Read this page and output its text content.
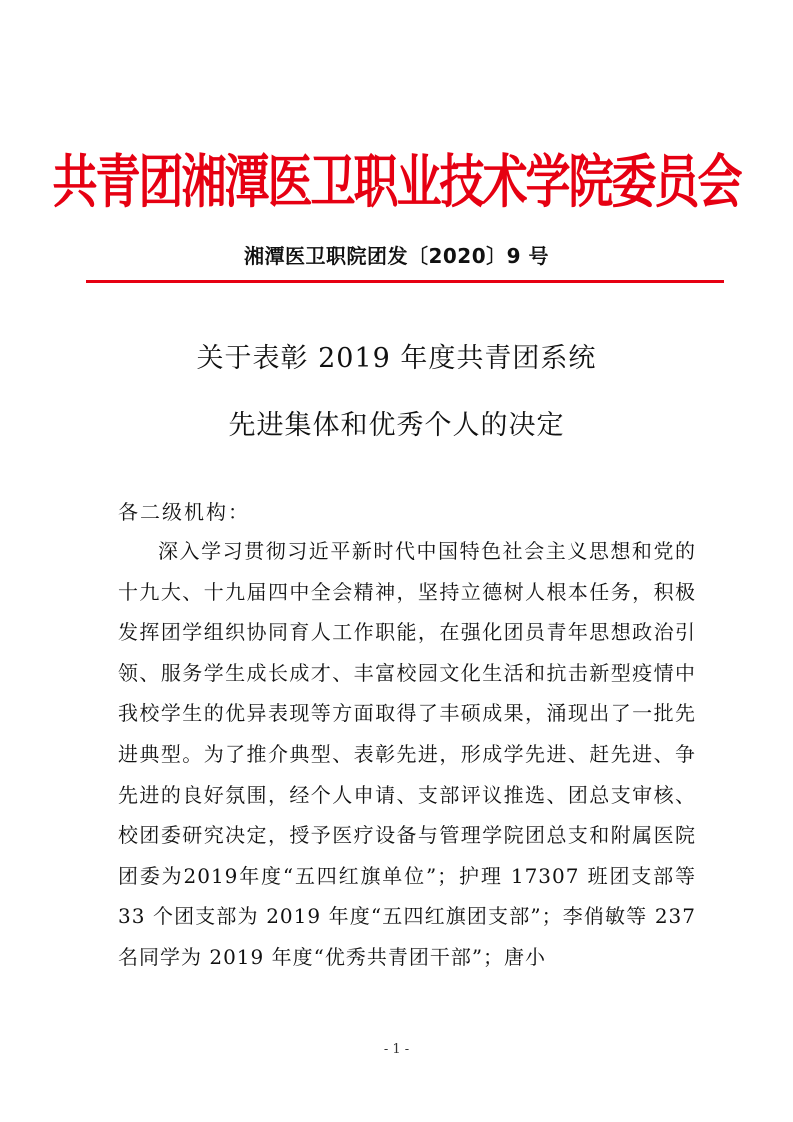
共青团湘潭医卫职业技术学院委员会
湘潭医卫职院团发〔2020〕9 号
关于表彰 2019 年度共青团系统
先进集体和优秀个人的决定
各二级机构：

深入学习贯彻习近平新时代中国特色社会主义思想和党的十九大、十九届四中全会精神，坚持立德树人根本任务，积极发挥团学组织协同育人工作职能，在强化团员青年思想政治引领、服务学生成长成才、丰富校园文化生活和抗击新型疫情中我校学生的优异表现等方面取得了丰硕成果，涌现出了一批先进典型。为了推介典型、表彰先进，形成学先进、赶先进、争先进的良好氛围，经个人申请、支部评议推选、团总支审核、校团委研究决定，授予医疗设备与管理学院团总支和附属医院团委为2019年度“五四红旗单位”；护理 17307 班团支部等 33 个团支部为 2019 年度“五四红旗团支部”；李俏敏等 237 名同学为 2019 年度“优秀共青团干部”；唐小

- 1 -
